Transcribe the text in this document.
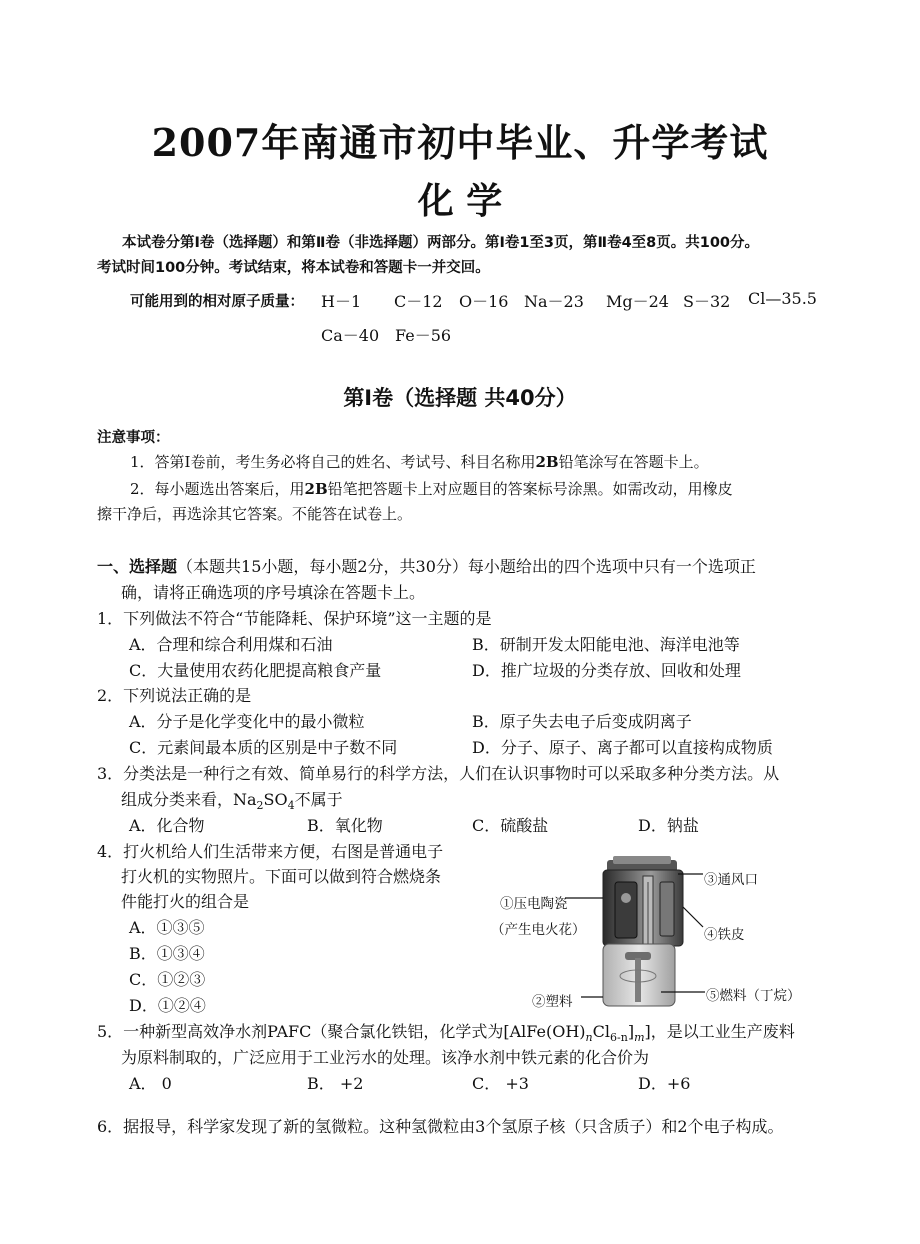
2007年南通市初中毕业、升学考试
化 学
本试卷分第Ⅰ卷（选择题）和第Ⅱ卷（非选择题）两部分。第Ⅰ卷1至3页，第Ⅱ卷4至8页。共100分。
考试时间100分钟。考试结束，将本试卷和答题卡一并交回。
可能用到的相对原子质量： H－1 C－12 O－16 Na－23 Mg－24 S－32 Cl—35.5
Ca－40 Fe－56
第Ⅰ卷（选择题 共40分）
注意事项：
1．答第Ⅰ卷前，考生务必将自己的姓名、考试号、科目名称用2B铅笔涂写在答题卡上。
2．每小题选出答案后，用2B铅笔把答题卡上对应题目的答案标号涂黑。如需改动，用橡皮
擦干净后，再选涂其它答案。不能答在试卷上。
一、选择题（本题共15小题，每小题2分，共30分）每小题给出的四个选项中只有一个选项正
确，请将正确选项的序号填涂在答题卡上。
1．下列做法不符合“节能降耗、保护环境”这一主题的是
A．合理和综合利用煤和石油	B．研制开发太阳能电池、海洋电池等
C．大量使用农药化肥提高粮食产量	D．推广垃圾的分类存放、回收和处理
2．下列说法正确的是
A．分子是化学变化中的最小微粒	B．原子失去电子后变成阴离子
C．元素间最本质的区别是中子数不同	D．分子、原子、离子都可以直接构成物质
3．分类法是一种行之有效、简单易行的科学方法，人们在认识事物时可以采取多种分类方法。从
组成分类来看，$Na_2SO_4$不属于
A．化合物	B．氧化物	C．硫酸盐	D．钠盐
4．打火机给人们生活带来方便，右图是普通电子
打火机的实物照片。下面可以做到符合燃烧条
件能打火的组合是
A．①③⑤
B．①③④
C．①②③
D．①②④
③通风口
①压电陶瓷
（产生电火花）	④铁皮
②塑料	⑤燃料（丁烷）
5．一种新型高效净水剂PAFC（聚合氯化铁铝，化学式为$[AlFe(OH)_nCl_{6-n}]_m$]，是以工业生产废料
为原料制取的，广泛应用于工业污水的处理。该净水剂中铁元素的化合价为
A． 0	B． +2	C． +3	D．+6
6．据报导，科学家发现了新的氢微粒。这种氢微粒由3个氢原子核（只含质子）和2个电子构成。
